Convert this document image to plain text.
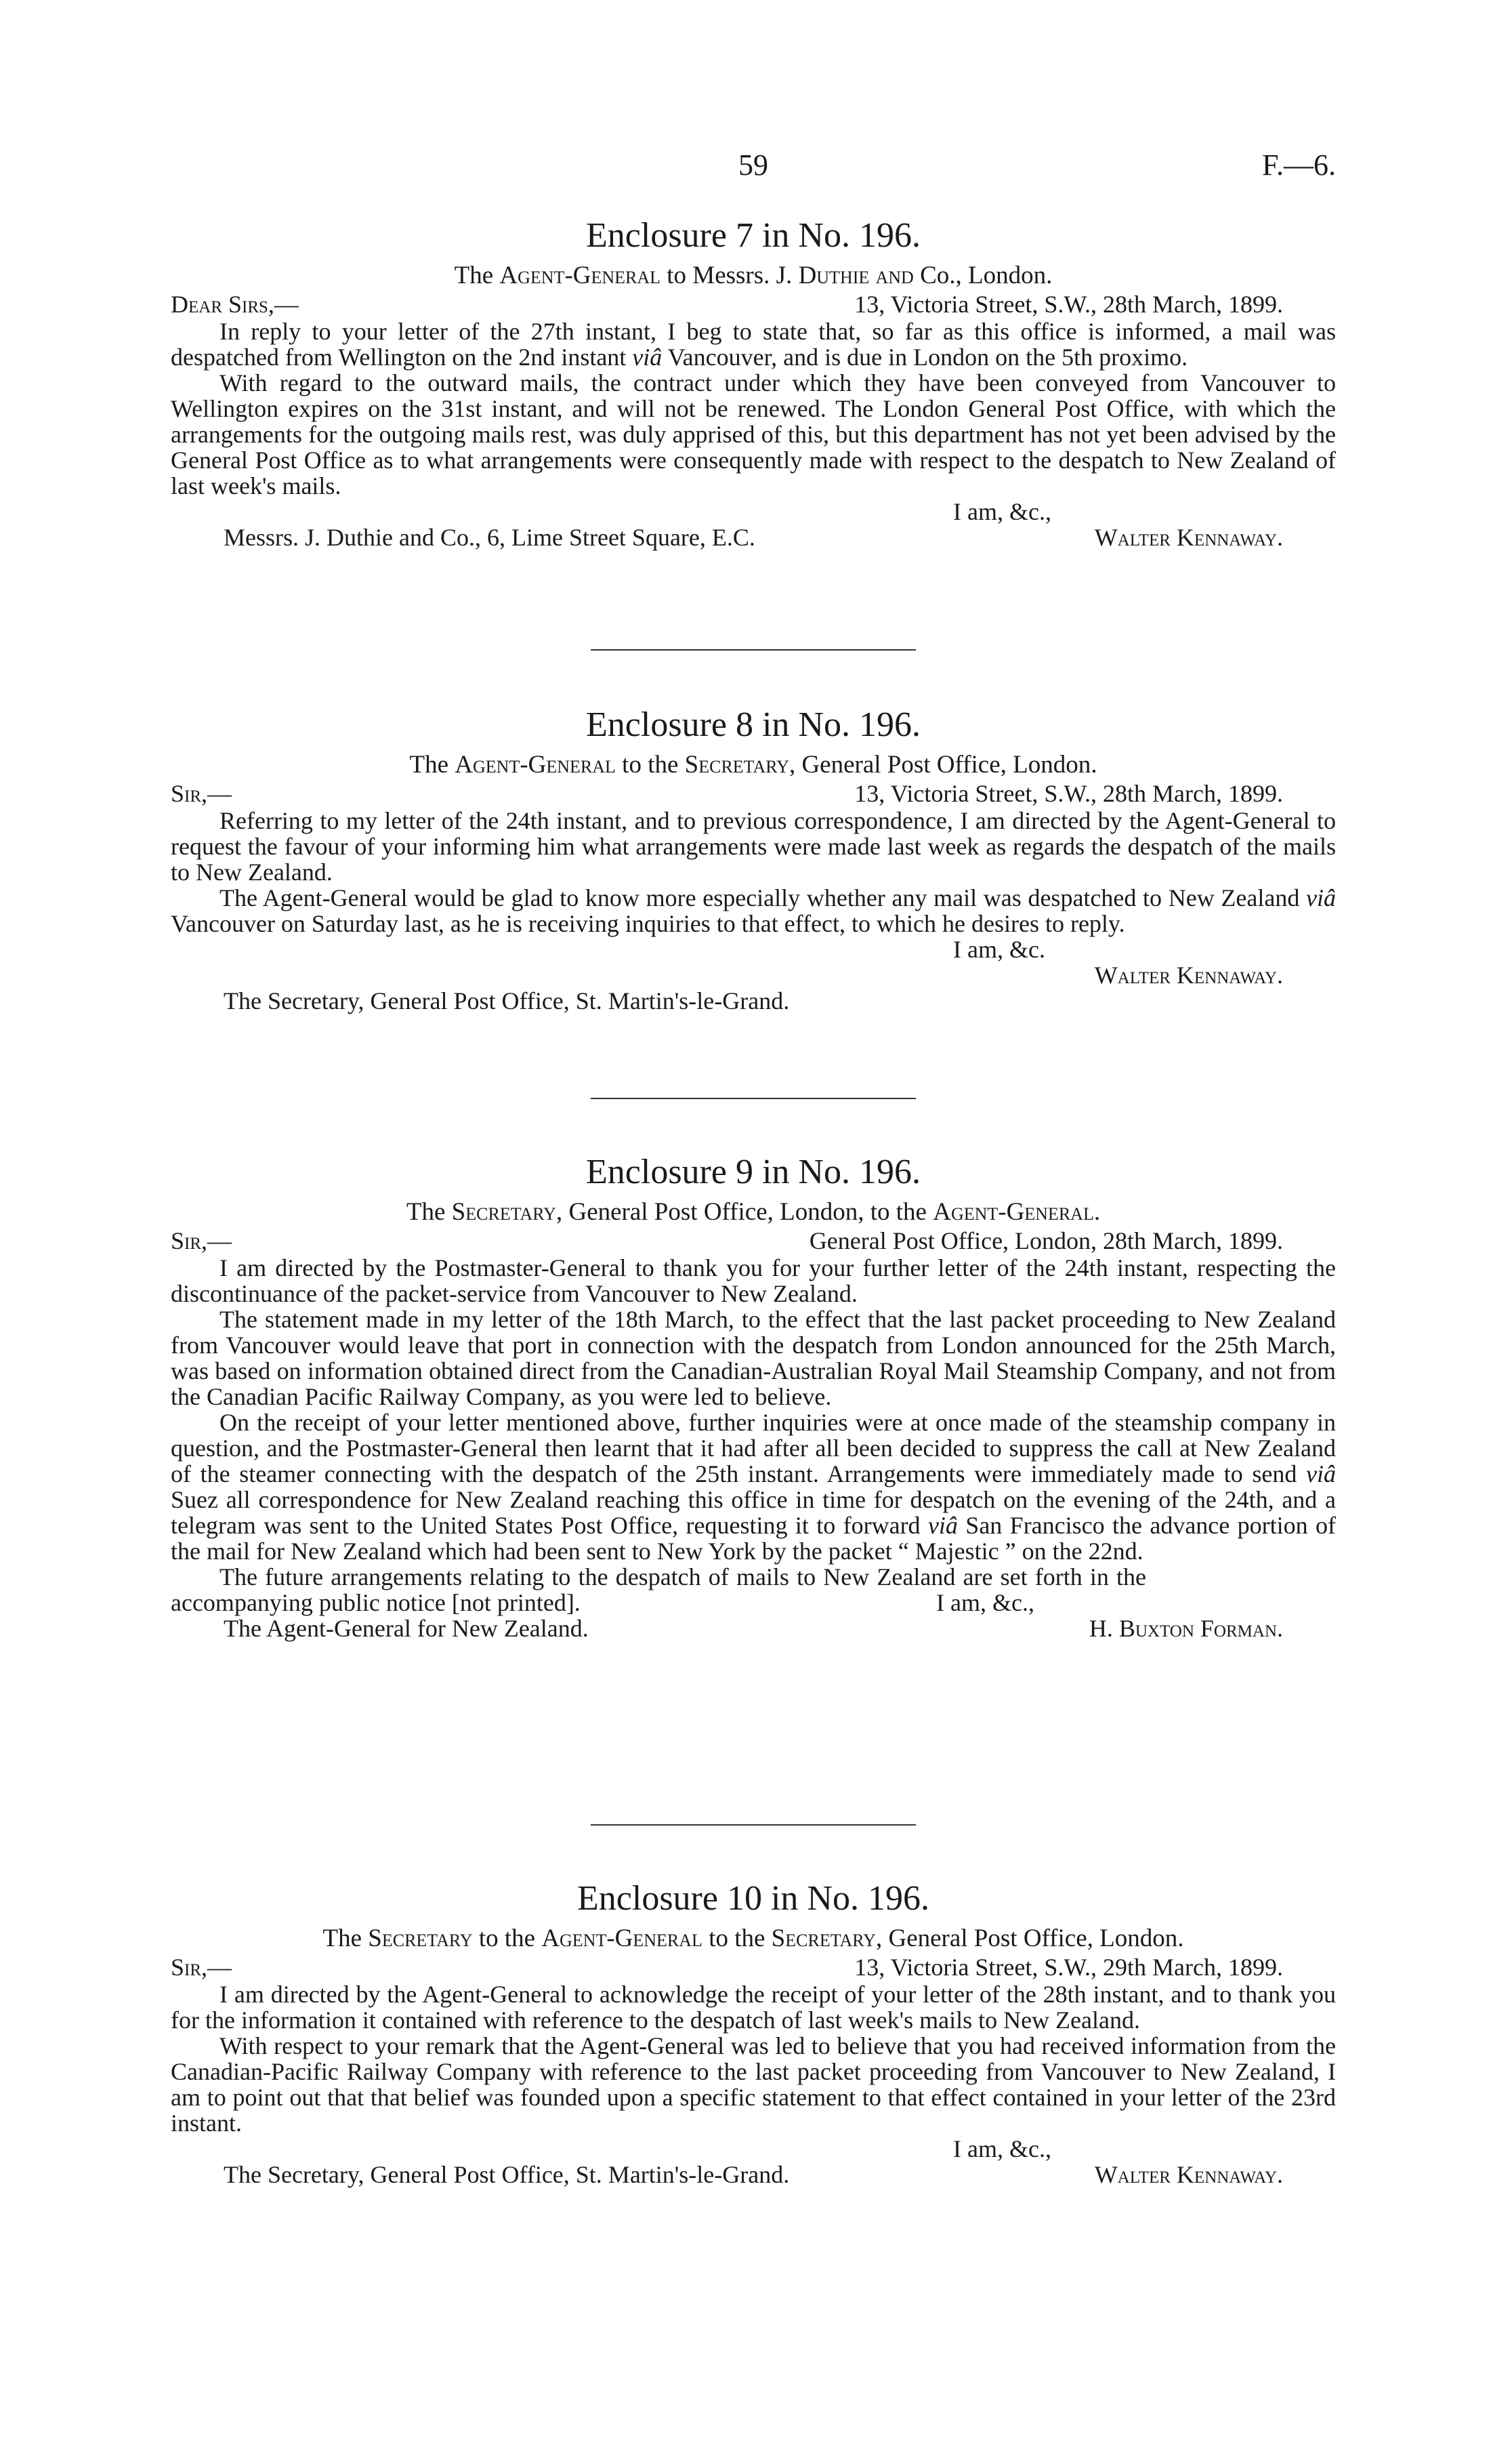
59	F.—6.
Enclosure 7 in No. 196.
The Agent-General to Messrs. J. Duthie and Co., London.
Dear Sirs,—	13, Victoria Street, S.W., 28th March, 1899.

In reply to your letter of the 27th instant, I beg to state that, so far as this office is informed, a mail was despatched from Wellington on the 2nd instant viâ Vancouver, and is due in London on the 5th proximo.

With regard to the outward mails, the contract under which they have been conveyed from Vancouver to Wellington expires on the 31st instant, and will not be renewed. The London General Post Office, with which the arrangements for the outgoing mails rest, was duly apprised of this, but this department has not yet been advised by the General Post Office as to what arrangements were consequently made with respect to the despatch to New Zealand of last week's mails.

I am, &c.,
Messrs. J. Duthie and Co., 6, Lime Street Square, E.C.	Walter Kennaway.
Enclosure 8 in No. 196.
The Agent-General to the Secretary, General Post Office, London.
Sir,—	13, Victoria Street, S.W., 28th March, 1899.

Referring to my letter of the 24th instant, and to previous correspondence, I am directed by the Agent-General to request the favour of your informing him what arrangements were made last week as regards the despatch of the mails to New Zealand.

The Agent-General would be glad to know more especially whether any mail was despatched to New Zealand viâ Vancouver on Saturday last, as he is receiving inquiries to that effect, to which he desires to reply.

I am, &c.
Walter Kennaway.
The Secretary, General Post Office, St. Martin's-le-Grand.
Enclosure 9 in No. 196.
The Secretary, General Post Office, London, to the Agent-General.
Sir,—	General Post Office, London, 28th March, 1899.

I am directed by the Postmaster-General to thank you for your further letter of the 24th instant, respecting the discontinuance of the packet-service from Vancouver to New Zealand.

The statement made in my letter of the 18th March, to the effect that the last packet proceeding to New Zealand from Vancouver would leave that port in connection with the despatch from London announced for the 25th March, was based on information obtained direct from the Canadian-Australian Royal Mail Steamship Company, and not from the Canadian Pacific Railway Company, as you were led to believe.

On the receipt of your letter mentioned above, further inquiries were at once made of the steamship company in question, and the Postmaster-General then learnt that it had after all been decided to suppress the call at New Zealand of the steamer connecting with the despatch of the 25th instant. Arrangements were immediately made to send viâ Suez all correspondence for New Zealand reaching this office in time for despatch on the evening of the 24th, and a telegram was sent to the United States Post Office, requesting it to forward viâ San Francisco the advance portion of the mail for New Zealand which had been sent to New York by the packet “ Majestic ” on the 22nd.

The future arrangements relating to the despatch of mails to New Zealand are set forth in the accompanying public notice [not printed].	I am, &c.,
The Agent-General for New Zealand.	H. Buxton Forman.
Enclosure 10 in No. 196.
The Secretary to the Agent-General to the Secretary, General Post Office, London.
Sir,—	13, Victoria Street, S.W., 29th March, 1899.

I am directed by the Agent-General to acknowledge the receipt of your letter of the 28th instant, and to thank you for the information it contained with reference to the despatch of last week's mails to New Zealand.

With respect to your remark that the Agent-General was led to believe that you had received information from the Canadian-Pacific Railway Company with reference to the last packet proceeding from Vancouver to New Zealand, I am to point out that that belief was founded upon a specific statement to that effect contained in your letter of the 23rd instant.

I am, &c.,
The Secretary, General Post Office, St. Martin's-le-Grand.	Walter Kennaway.
